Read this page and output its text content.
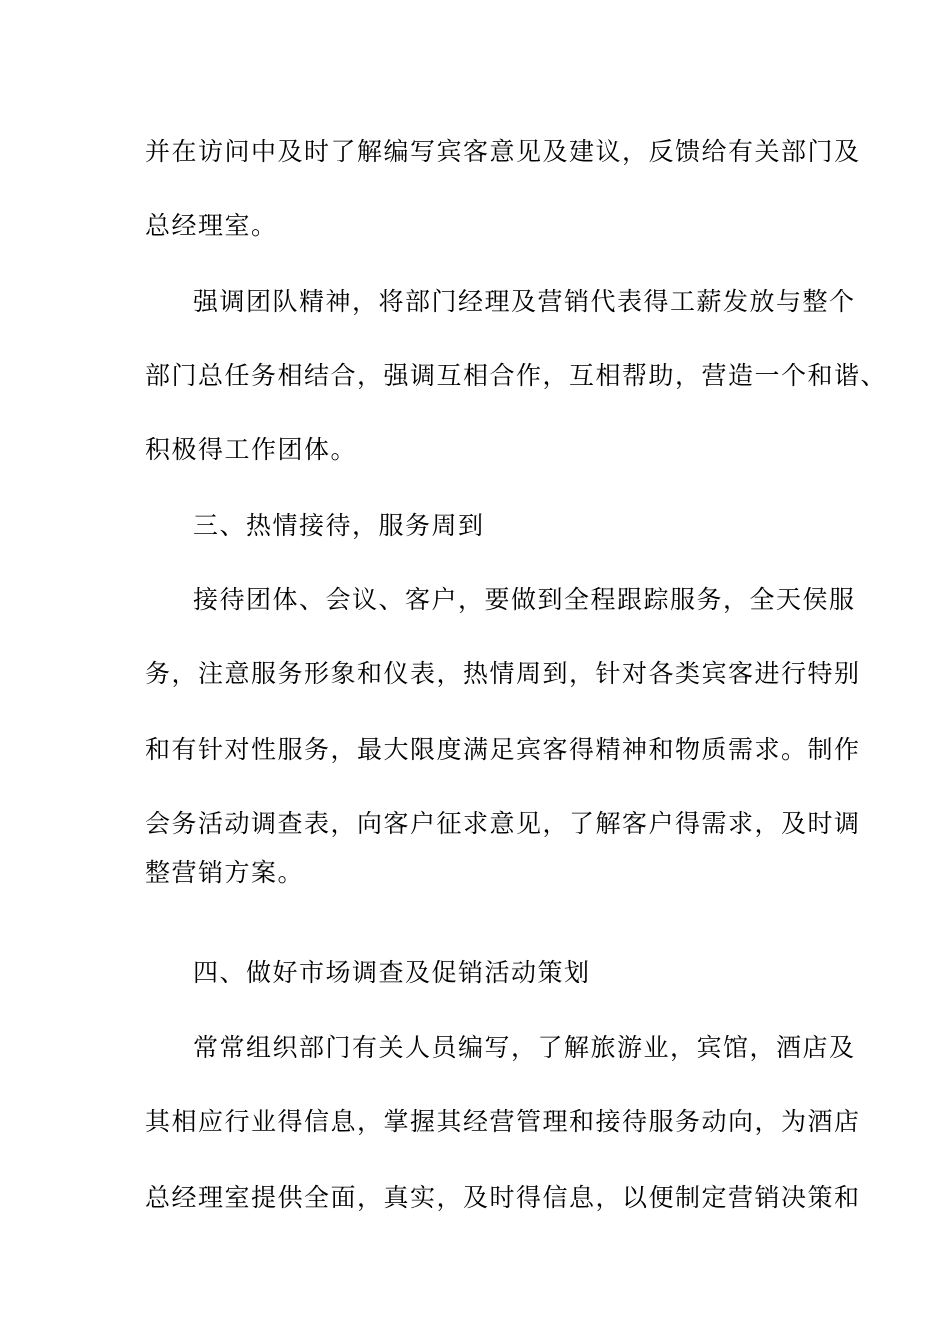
并在访问中及时了解编写宾客意见及建议，反馈给有关部门及
总经理室。
强调团队精神，将部门经理及营销代表得工薪发放与整个
部门总任务相结合，强调互相合作，互相帮助，营造一个和谐、
积极得工作团体。
三、热情接待，服务周到
接待团体、会议、客户，要做到全程跟踪服务，全天侯服
务，注意服务形象和仪表，热情周到，针对各类宾客进行特别
和有针对性服务，最大限度满足宾客得精神和物质需求。制作
会务活动调查表，向客户征求意见，了解客户得需求，及时调
整营销方案。
四、做好市场调查及促销活动策划
常常组织部门有关人员编写，了解旅游业，宾馆，酒店及
其相应行业得信息，掌握其经营管理和接待服务动向，为酒店
总经理室提供全面，真实，及时得信息，以便制定营销决策和
